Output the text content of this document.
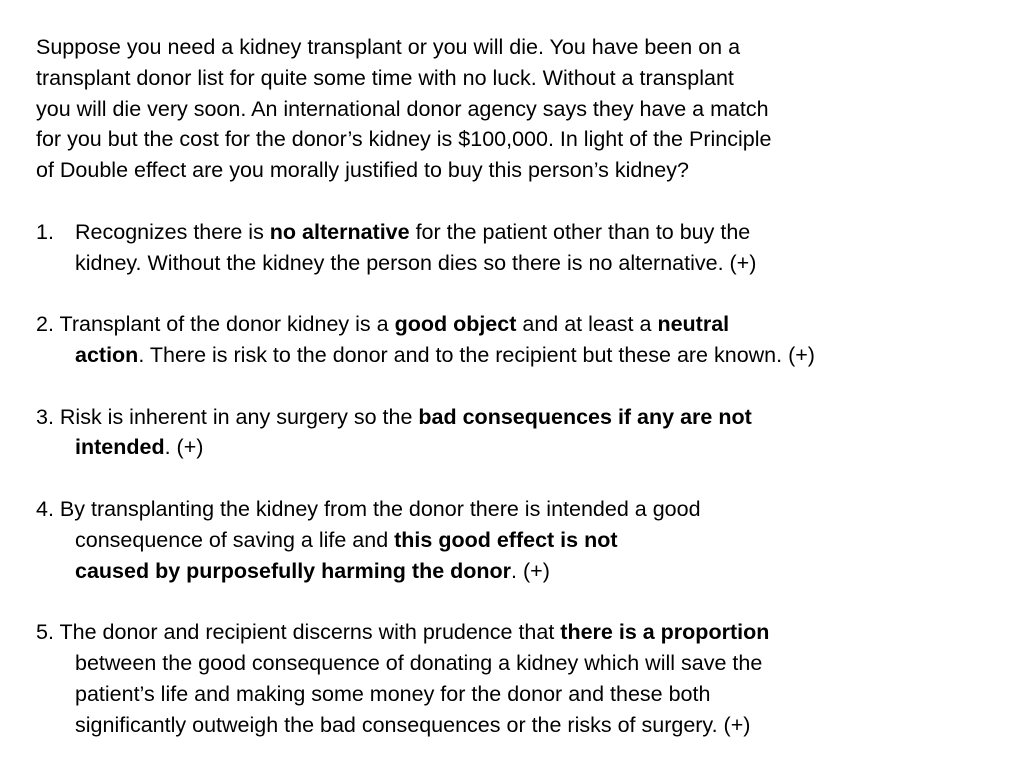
Suppose you need a kidney transplant or you will die. You have been on a
transplant donor list for quite some time with no luck. Without a transplant
you will die very soon. An international donor agency says they have a match
for you but the cost for the donor’s kidney is $100,000. In light of the Principle
of Double effect are you morally justified to buy this person’s kidney?
1. Recognizes there is no alternative for the patient other than to buy the
kidney. Without the kidney the person dies so there is no alternative. (+)
2. Transplant of the donor kidney is a good object and at least a neutral
action. There is risk to the donor and to the recipient but these are known. (+)
3. Risk is inherent in any surgery so the bad consequences if any are not
intended. (+)
4. By transplanting the kidney from the donor there is intended a good
consequence of saving a life and this good effect is not
caused by purposefully harming the donor. (+)
5. The donor and recipient discerns with prudence that there is a proportion
between the good consequence of donating a kidney which will save the
patient’s life and making some money for the donor and these both
significantly outweigh the bad consequences or the risks of surgery. (+)
